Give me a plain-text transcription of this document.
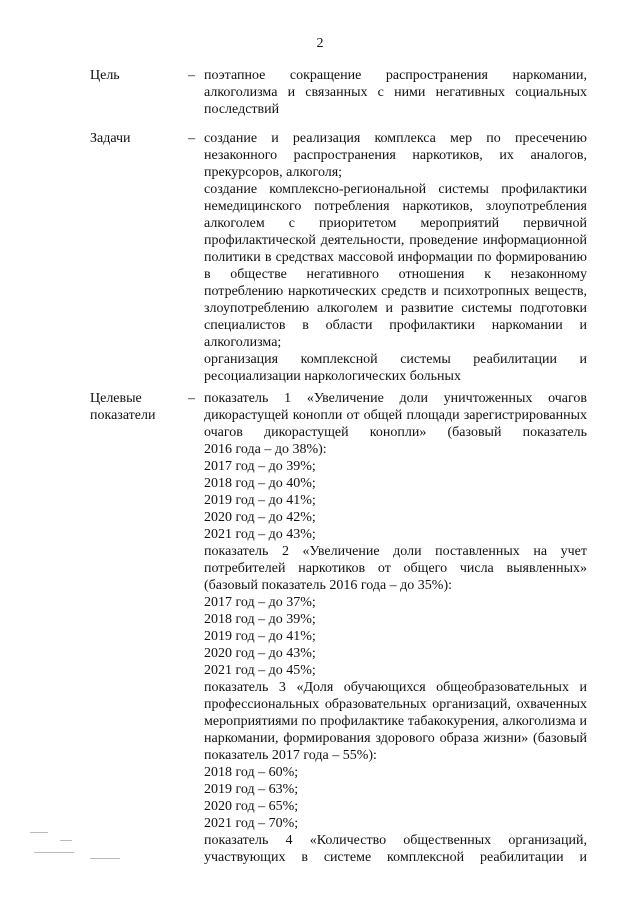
2
Цель	– поэтапное сокращение распространения наркомании,
алкоголизма и связанных с ними негативных социальных
последствий
Задачи	– создание и реализация комплекса мер по пресечению
незаконного распространения наркотиков, их аналогов,
прекурсоров, алкоголя;
создание комплексно-региональной системы профилактики
немедицинского потребления наркотиков, злоупотребления
алкоголем с приоритетом мероприятий первичной
профилактической деятельности, проведение информационной
политики в средствах массовой информации по формированию
в обществе негативного отношения к незаконному
потреблению наркотических средств и психотропных веществ,
злоупотреблению алкоголем и развитие системы подготовки
специалистов в области профилактики наркомании и
алкоголизма;
организация комплексной системы реабилитации и
ресоциализации наркологических больных
Целевые
показатели
– показатель 1 «Увеличение доли уничтоженных очагов
дикорастущей конопли от общей площади зарегистрированных
очагов дикорастущей конопли» (базовый показатель
2016 года – до 38%):
2017 год – до 39%;
2018 год – до 40%;
2019 год – до 41%;
2020 год – до 42%;
2021 год – до 43%;
показатель 2 «Увеличение доли поставленных на учет
потребителей наркотиков от общего числа выявленных»
(базовый показатель 2016 года – до 35%):
2017 год – до 37%;
2018 год – до 39%;
2019 год – до 41%;
2020 год – до 43%;
2021 год – до 45%;
показатель 3 «Доля обучающихся общеобразовательных и
профессиональных образовательных организаций, охваченных
мероприятиями по профилактике табакокурения, алкоголизма и
наркомании, формирования здорового образа жизни» (базовый
показатель 2017 года – 55%):
2018 год – 60%;
2019 год – 63%;
2020 год – 65%;
2021 год – 70%;
показатель 4 «Количество общественных организаций,
участвующих в системе комплексной реабилитации и
